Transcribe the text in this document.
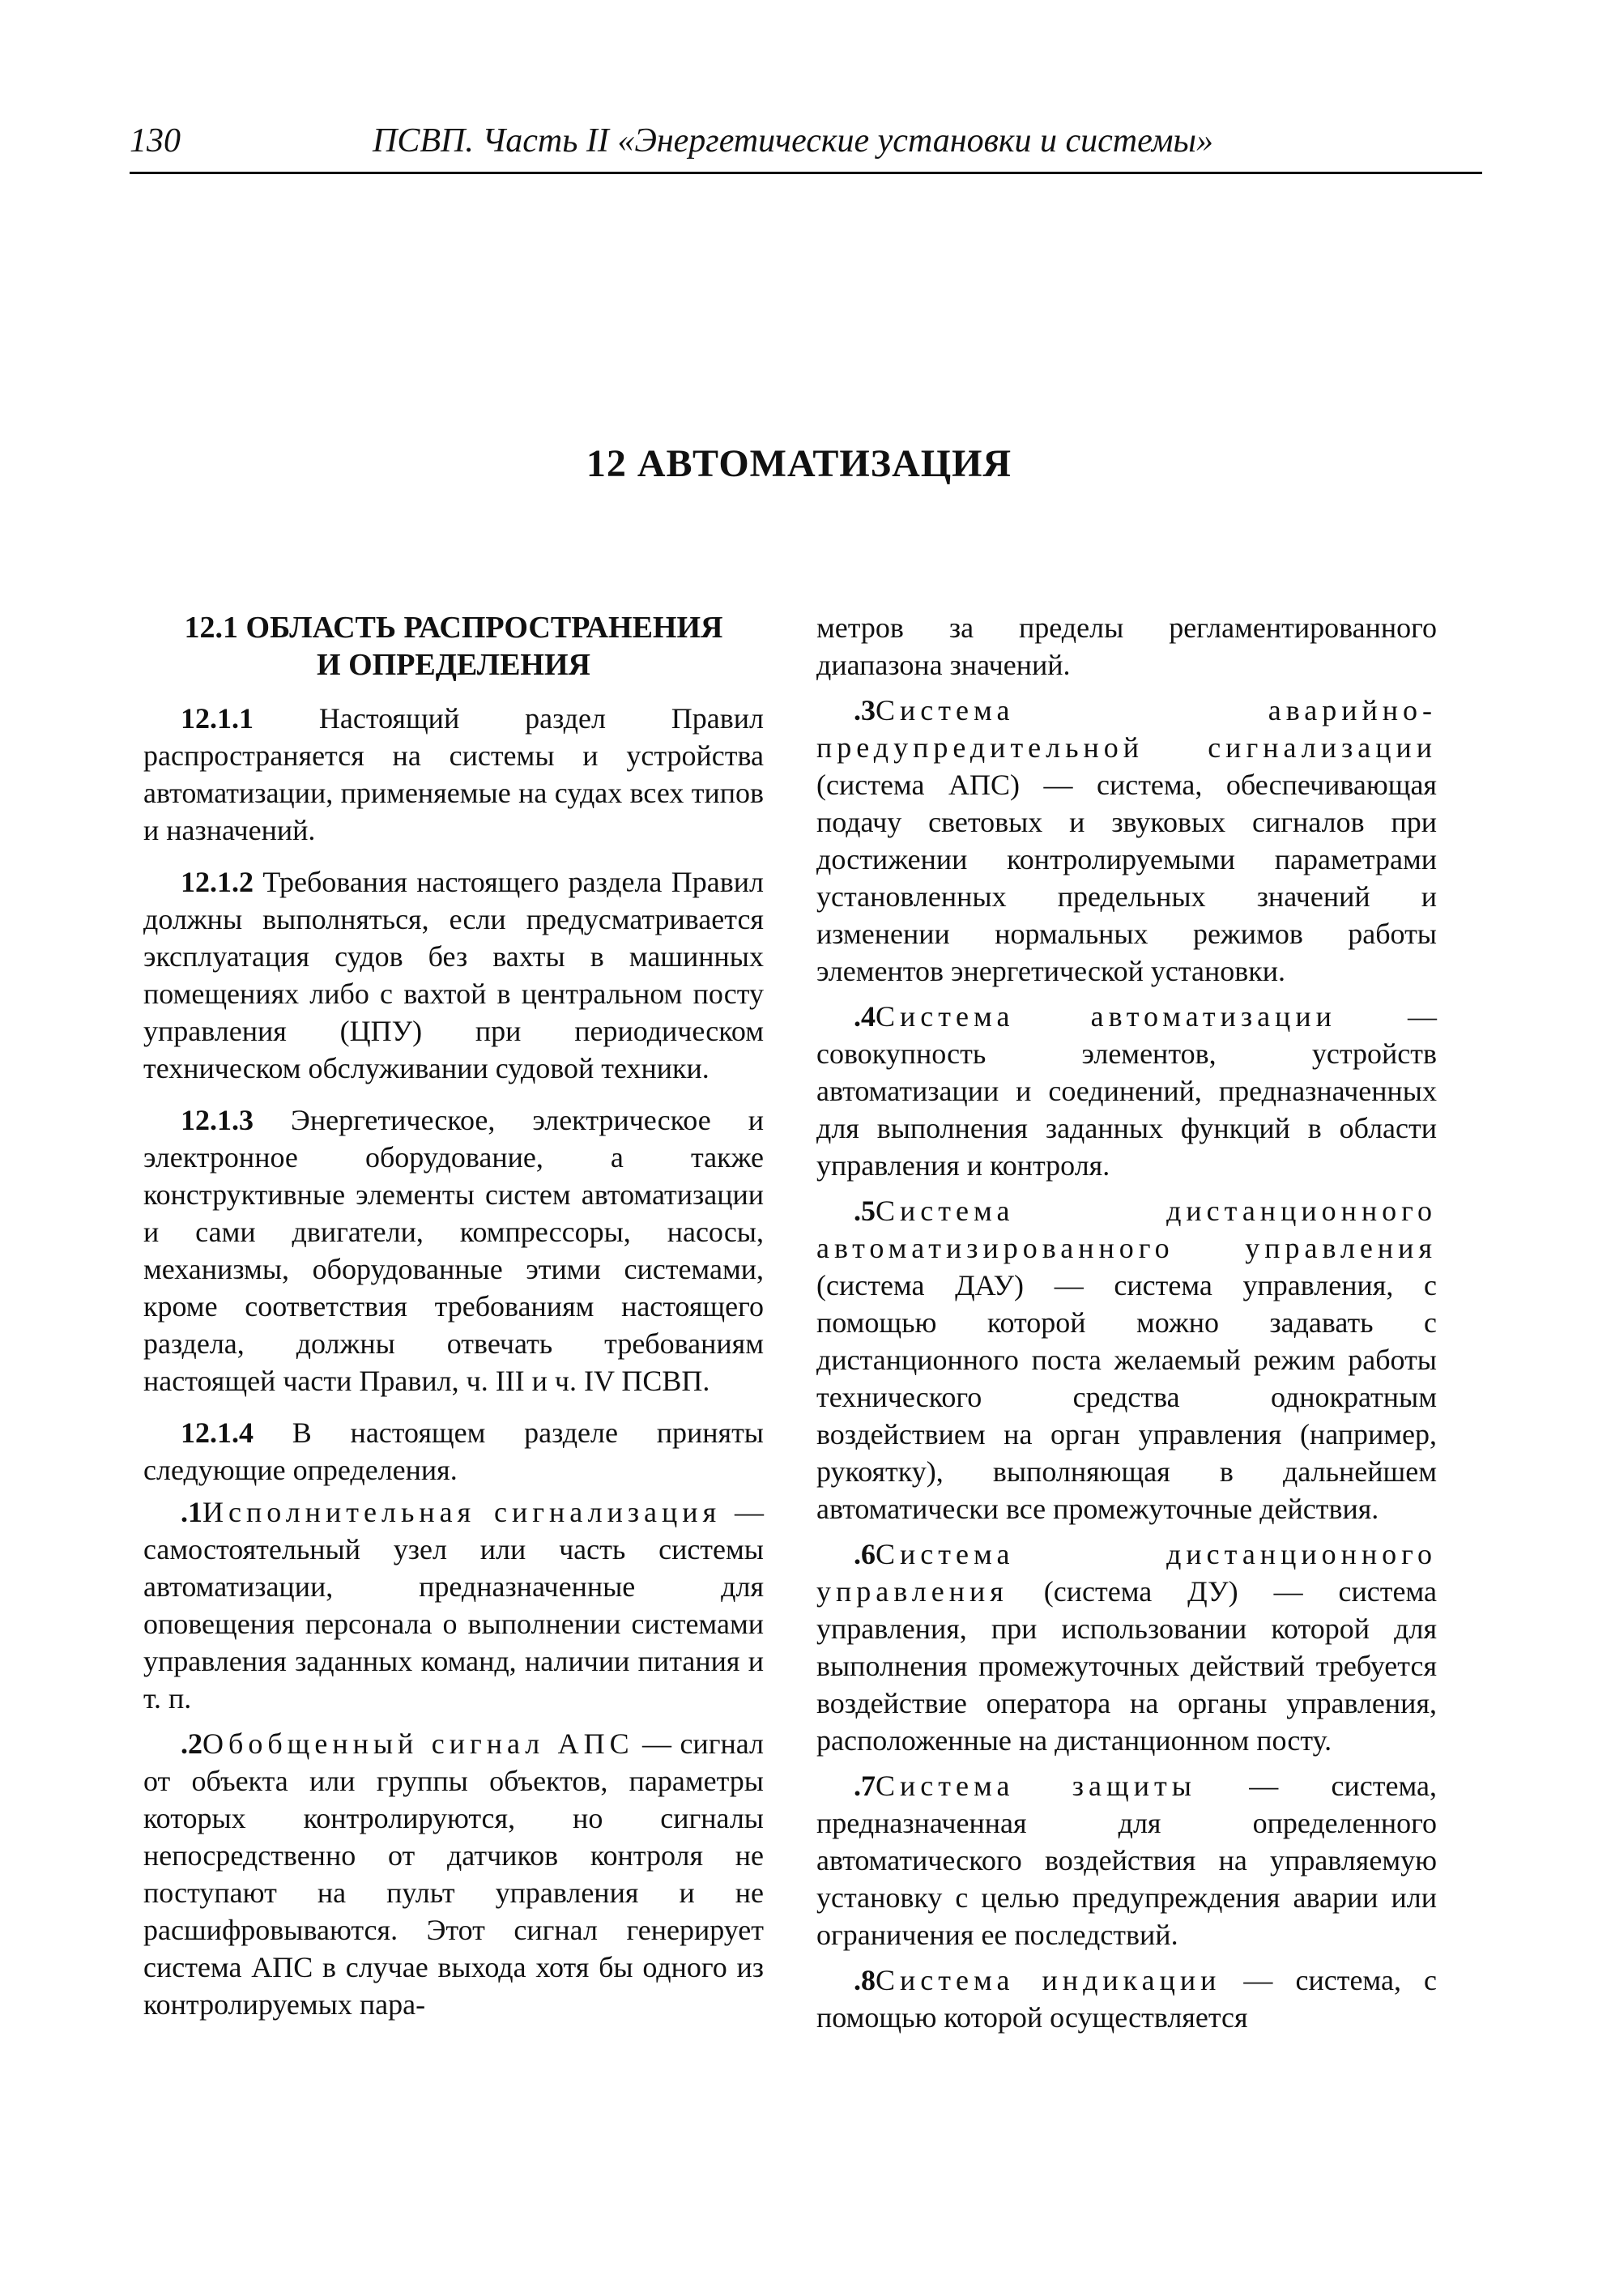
130	ПСВП. Часть II «Энергетические установки и системы»
12 АВТОМАТИЗАЦИЯ
12.1 ОБЛАСТЬ РАСПРОСТРАНЕНИЯ
И ОПРЕДЕЛЕНИЯ

12.1.1 Настоящий раздел Правил распространяется на системы и устройства автоматизации, применяемые на судах всех типов и назначений.

12.1.2 Требования настоящего раздела Правил должны выполняться, если предусматривается эксплуатация судов без вахты в машинных помещениях либо с вахтой в центральном посту управления (ЦПУ) при периодическом техническом обслуживании судовой техники.

12.1.3 Энергетическое, электрическое и электронное оборудование, а также конструктивные элементы систем автоматизации и сами двигатели, компрессоры, насосы, механизмы, оборудованные этими системами, кроме соответствия требованиям настоящего раздела, должны отвечать требованиям настоящей части Правил, ч. III и ч. IV ПСВП.

12.1.4 В настоящем разделе приняты следующие определения.

.1Исполнительная сигнализация — самостоятельный узел или часть системы автоматизации, предназначенные для оповещения персонала о выполнении системами управления заданных команд, наличии питания и т. п.

.2Обобщенный сигнал АПС — сигнал от объекта или группы объектов, параметры которых контролируются, но сигналы непосредственно от датчиков контроля не поступают на пульт управления и не расшифровываются. Этот сигнал генерирует система АПС в случае выхода хотя бы одного из контролируемых пара-

метров за пределы регламентированного диапазона значений.

.3Система аварийно-предупредительной сигнализации (система АПС) — система, обеспечивающая подачу световых и звуковых сигналов при достижении контролируемыми параметрами установленных предельных значений и изменении нормальных режимов работы элементов энергетической установки.

.4Система автоматизации — совокупность элементов, устройств автоматизации и соединений, предназначенных для выполнения заданных функций в области управления и контроля.

.5Система дистанционного автоматизированного управления (система ДАУ) — система управления, с помощью которой можно задавать с дистанционного поста желаемый режим работы технического средства однократным воздействием на орган управления (например, рукоятку), выполняющая в дальнейшем автоматически все промежуточные действия.

.6Система дистанционного управления (система ДУ) — система управления, при использовании которой для выполнения промежуточных действий требуется воздействие оператора на органы управления, расположенные на дистанционном посту.

.7Система защиты — система, предназначенная для определенного автоматического воздействия на управляемую установку с целью предупреждения аварии или ограничения ее последствий.

.8Система индикации — система, с помощью которой осуществляется
